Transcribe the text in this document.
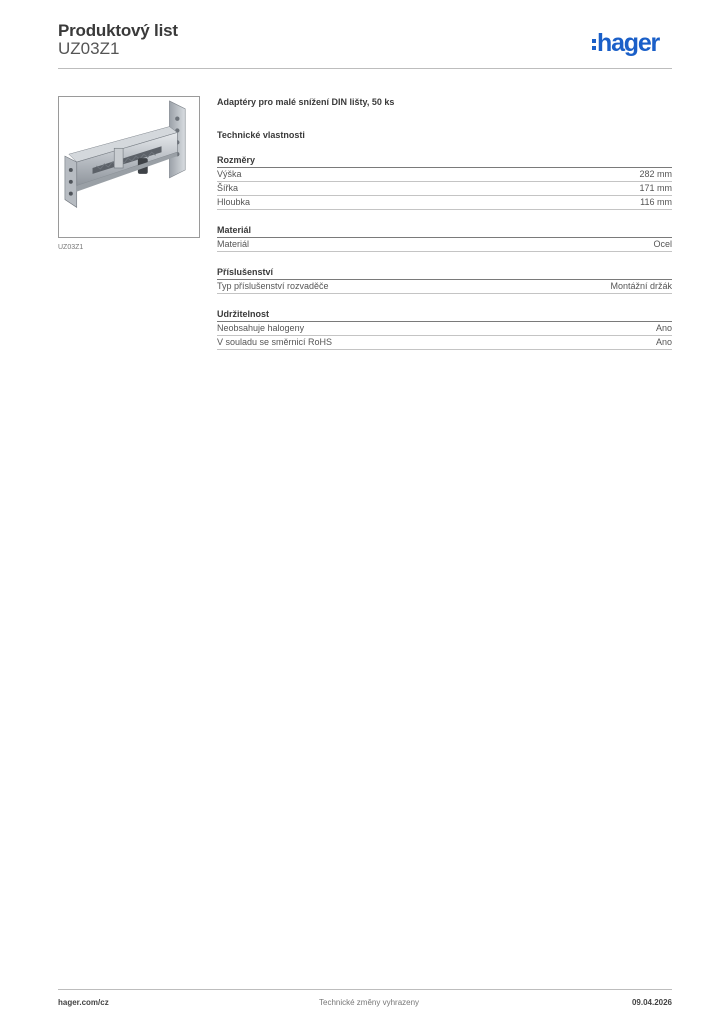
Produktový list
UZ03Z1	hager
UZ03Z1
Adaptéry pro malé snížení DIN lišty, 50 ks
Technické vlastnosti
Rozměry
Výška	282 mm
Šířka	171 mm
Hloubka	116 mm
Materiál
Materiál	Ocel
Příslušenství
Typ příslušenství rozvaděče	Montážní držák
Udržitelnost
Neobsahuje halogeny	Ano
V souladu se směrnicí RoHS	Ano
hager.com/cz	Technické změny vyhrazeny	09.04.2026
